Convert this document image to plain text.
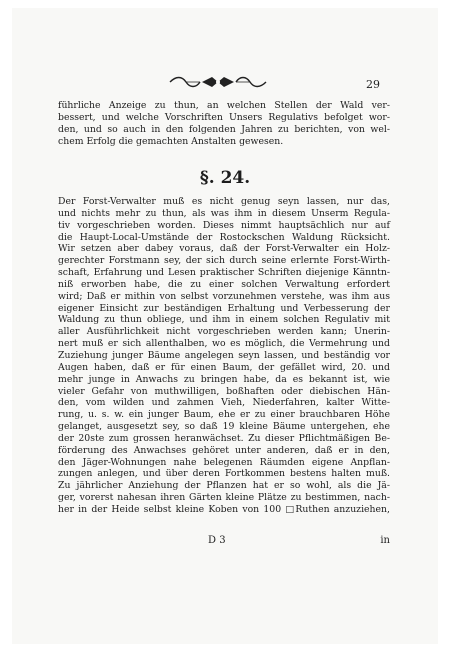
29
führliche Anzeige zu thun, an welchen Stellen der Wald ver-
bessert, und welche Vorschriften Unsers Regulativs befolget wor-
den, und so auch in den folgenden Jahren zu berichten, von wel-
chem Erfolg die gemachten Anstalten gewesen.
§. 24.
Der Forst-Verwalter muß es nicht genug seyn lassen, nur das,
und nichts mehr zu thun, als was ihm in diesem Unserm Regula-
tiv vorgeschrieben worden. Dieses nimmt hauptsächlich nur auf
die Haupt-Local-Umstände der Rostockschen Waldung Rücksicht.
Wir setzen aber dabey voraus, daß der Forst-Verwalter ein Holz-
gerechter Forstmann sey, der sich durch seine erlernte Forst-Wirth-
schaft, Erfahrung und Lesen praktischer Schriften diejenige Känntn-
niß erworben habe, die zu einer solchen Verwaltung erfordert
wird; Daß er mithin von selbst vorzunehmen verstehe, was ihm aus
eigener Einsicht zur beständigen Erhaltung und Verbesserung der
Waldung zu thun obliege, und ihm in einem solchen Regulativ mit
aller Ausführlichkeit nicht vorgeschrieben werden kann; Unerin-
nert muß er sich allenthalben, wo es möglich, die Vermehrung und
Zuziehung junger Bäume angelegen seyn lassen, und beständig vor
Augen haben, daß er für einen Baum, der gefället wird, 20. und
mehr junge in Anwachs zu bringen habe, da es bekannt ist, wie
vieler Gefahr von muthwilligen, boßhaften oder diebischen Hän-
den, vom wilden und zahmen Vieh, Niederfahren, kalter Witte-
rung, u. s. w. ein junger Baum, ehe er zu einer brauchbaren Höhe
gelanget, ausgesetzt sey, so daß 19 kleine Bäume untergehen, ehe
der 20ste zum grossen heranwächset. Zu dieser Pflichtmäßigen Be-
förderung des Anwachses gehöret unter anderen, daß er in den,
den Jäger-Wohnungen nahe belegenen Räumden eigene Anpflan-
zungen anlegen, und über deren Fortkommen bestens halten muß.
Zu jährlicher Anziehung der Pflanzen hat er so wohl, als die Jä-
ger, vorerst nahesan ihren Gärten kleine Plätze zu bestimmen, nach-
her in der Heide selbst kleine Koben von 100 □Ruthen anzuziehen,
D 3	in
